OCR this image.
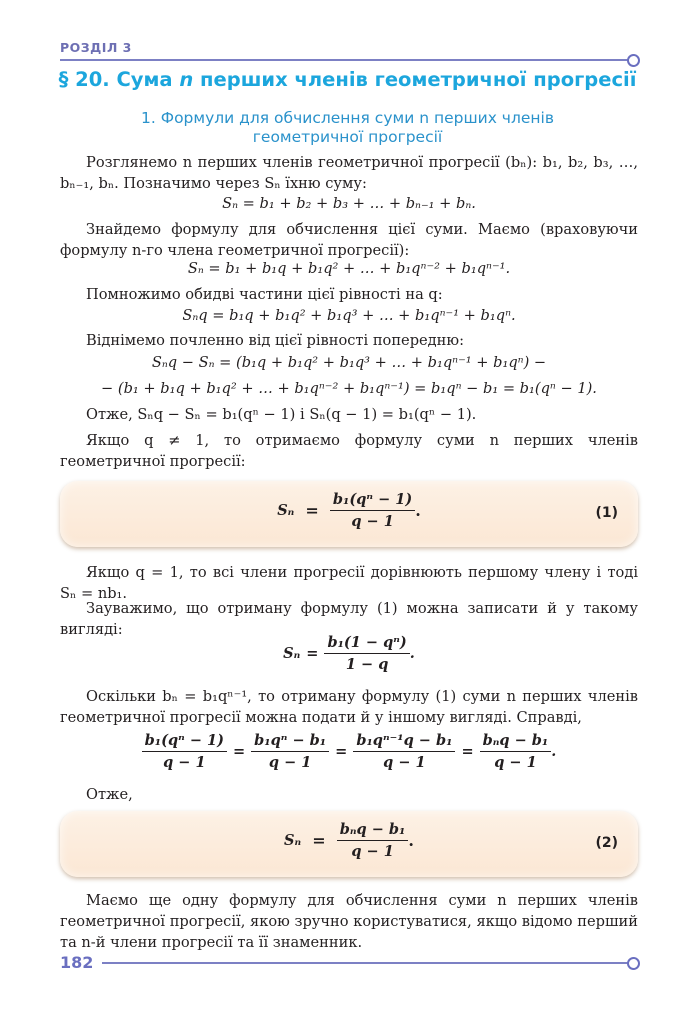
РОЗДІЛ 3
§ 20. Сума n перших членів геометричної прогресії
1. Формули для обчислення суми n перших членів
геометричної прогресії
Розглянемо n перших членів геометричної прогресії (bₙ): b₁, b₂, b₃, …, bₙ₋₁, bₙ. Позначимо через Sₙ їхню суму:
Sₙ = b₁ + b₂ + b₃ + … + bₙ₋₁ + bₙ.
Знайдемо формулу для обчислення цієї суми. Маємо (враховуючи формулу n-го члена геометричної прогресії):
Sₙ = b₁ + b₁q + b₁q² + … + b₁qⁿ⁻² + b₁qⁿ⁻¹.
Помножимо обидві частини цієї рівності на q:
Sₙq = b₁q + b₁q² + b₁q³ + … + b₁qⁿ⁻¹ + b₁qⁿ.
Віднімемо почленно від цієї рівності попередню:
Sₙq − Sₙ = (b₁q + b₁q² + b₁q³ + … + b₁qⁿ⁻¹ + b₁qⁿ) −
− (b₁ + b₁q + b₁q² + … + b₁qⁿ⁻² + b₁qⁿ⁻¹) = b₁qⁿ − b₁ = b₁(qⁿ − 1).
Отже, Sₙq − Sₙ = b₁(qⁿ − 1) і Sₙ(q − 1) = b₁(qⁿ − 1).
Якщо q ≠ 1, то отримаємо формулу суми n перших членів геометричної прогресії:
$S_n = \frac{\text{b₁(qⁿ − 1)}}{q - 1}$ .	(1)
Якщо q = 1, то всі члени прогресії дорівнюють першому члену і тоді Sₙ = nb₁.
Зауважимо, що отриману формулу (1) можна записати й у такому вигляді:
$S_n = \frac{\text{b₁(1 − qⁿ)}}{1 - q}$ .
Оскільки bₙ = b₁qⁿ⁻¹, то отриману формулу (1) суми n перших членів геометричної прогресії можна подати й у іншому вигляді. Справді,
$\frac{\text{b₁(qⁿ − 1)}}{q - 1} = \frac{\text{b₁qⁿ − b₁}}{q - 1} = \frac{\text{b₁qⁿ⁻¹q − b₁}}{q - 1} = \frac{\text{bₙq − b₁}}{q - 1}$ .
Отже,
$S_n = \frac{\text{bₙq − b₁}}{q - 1}$ .	(2)
Маємо ще одну формулу для обчислення суми n перших членів геометричної прогресії, якою зручно користуватися, якщо відомо перший та n-й члени прогресії та її знаменник.
182
